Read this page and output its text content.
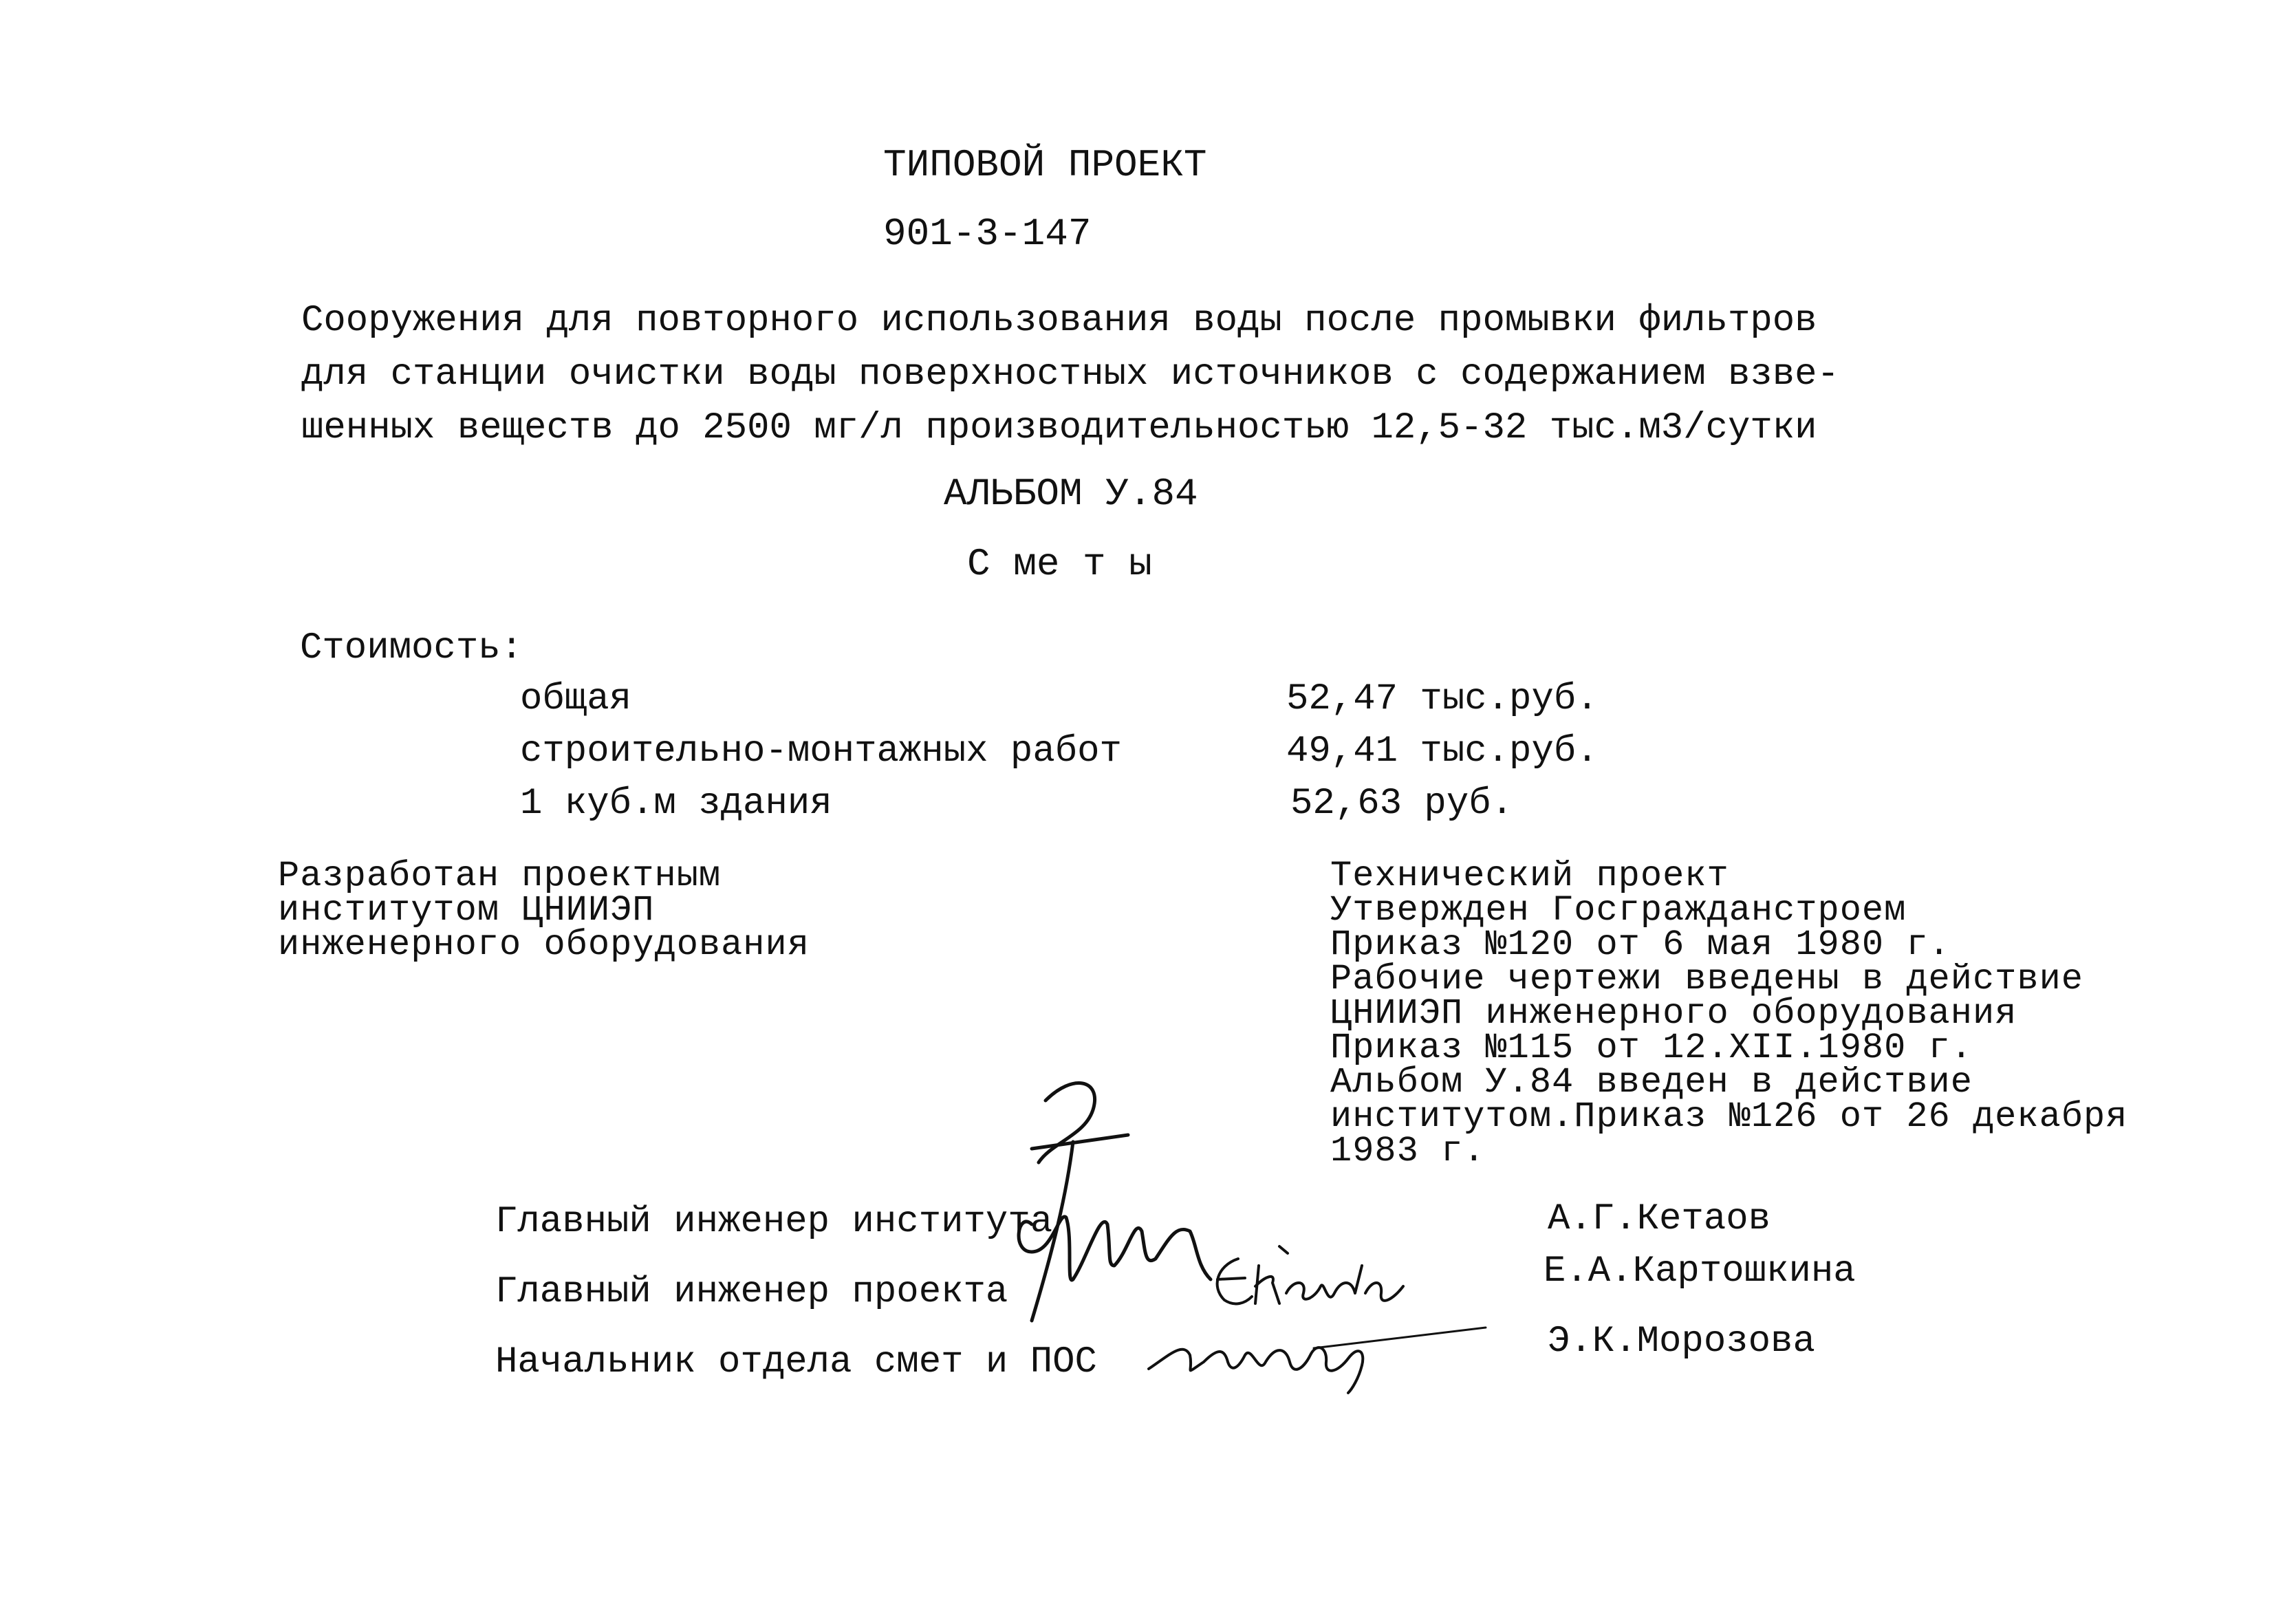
ТИПОВОЙ ПРОЕКТ
901-3-147
Сооружения для повторного использования воды после промывки фильтров
для станции очистки воды поверхностных источников с содержанием взве-
шенных веществ до 2500 мг/л производительностью 12,5-32 тыс.м3/сутки
АЛЬБОМ У.84
С ме т ы
Стоимость:
общая	52,47 тыс.руб.
строительно-монтажных работ	49,41 тыс.руб.
1 куб.м здания	52,63 руб.
Разработан проектным
институтом ЦНИИЭП
инженерного оборудования
Технический проект
Утвержден Госгражданстроем
Приказ №120 от 6 мая 1980 г.
Рабочие чертежи введены в действие
ЦНИИЭП инженерного оборудования
Приказ №115 от 12.XII.1980 г.
Альбом У.84 введен в действие
институтом.Приказ №126 от 26 декабря
1983 г.
Главный инженер института	А.Г.Кетаов
Главный инженер проекта	Е.А.Картошкина
Начальник отдела смет и ПОС	Э.К.Морозова
